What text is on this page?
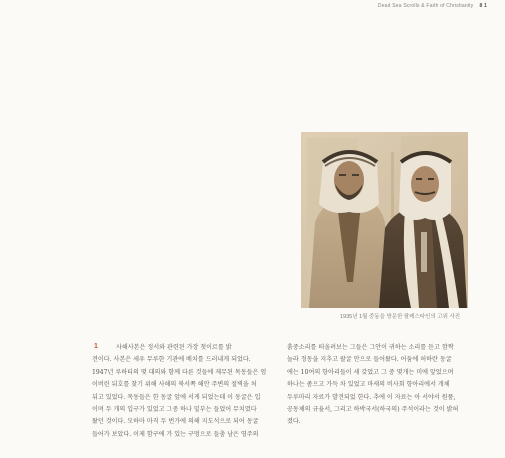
Dead Sea Scrolls & Faith of Christianity 8 1
1935년 1월 중동을 방문한 팔레스타인의 고위 사진
1	사해사본은 정서와 관련된 가장 첫이르를 밝
견이다. 사본은 세우 무루한 기관에 배치를 드러내게 되었다.
1947년 루하티의 몇 대의와 함께 다른 것들에 제무된 목동들은 엄
이버린 뒤호를 찾기 위해 사해의 북서쪽 해안 주변의 절벽을 처
뒤고 있었다. 목동들은 한 동굴 앞에 서게 되었는데 이 동굴은 입
이며 두 개의 입구가 있었고 그중 하나 밑부는 들었어 무치였다
왔던 것이다. 모하마 마직 두 번가에 의해 지도석으로 되어 동굴
들어가 보았다. 이제 함구에 가 있는 구멍으로 들춤 남은 영주의
흙중소리를 떠올려보는 그들은 그안이 귀하는 소리를 듣고 깜짝
놀라 정동을 지추고 팔굴 안으로 들어왔다. 어둠에 허하란 동굴
에는 10여의 항아리들이 세 갖었고 그 중 몇개는 미에 앞었으며
하나는 좀으고 가득 차 있었고 마새의 비사회 항아리에서 개체
두루마리 자료가 발견되었 한다. 추에 이 자료는 아 서야서 원품,
공동체의 규율서, 그리고 하박국서(하국의) 주석이라는 것이 밝혀
졌다.
